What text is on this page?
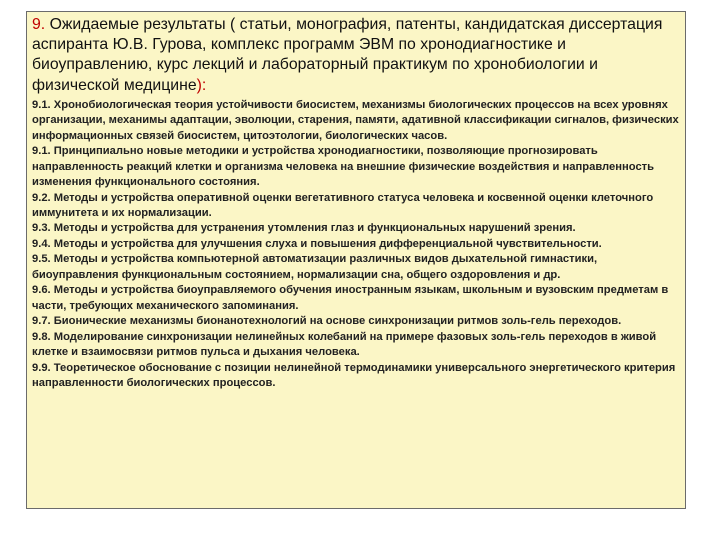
9. Ожидаемые результаты ( статьи, монография, патенты, кандидатская диссертация аспиранта Ю.В. Гурова, комплекс программ ЭВМ по хронодиагностике и биоуправлению, курс лекций и лабораторный практикум по хронобиологии и физической медицине):

9.1. Хронобиологическая теория устойчивости биосистем, механизмы биологических процессов на всех уровнях организации, механимы адаптации, эволюции, старения, памяти, адативной классификации сигналов, физических информационных связей биосистем, цитоэтологии, биологических часов.

9.1. Принципиально новые методики и устройства хронодиагностики, позволяющие прогнозировать направленность реакций клетки и организма человека на внешние физические воздействия и направленность изменения функционального состояния.

9.2. Методы и устройства оперативной оценки вегетативного статуса человека и косвенной оценки клеточного иммунитета и их нормализации.

9.3. Методы и устройства для устранения утомления глаз и функциональных нарушений зрения.

9.4. Методы и устройства для улучшения слуха и повышения дифференциальной чувствительности.

9.5. Методы и устройства компьютерной автоматизации различных видов дыхательной гимнастики, биоуправления функциональным состоянием, нормализации сна, общего оздоровления и др.

9.6. Методы и устройства биоуправляемого обучения иностранным языкам, школьным и вузовским предметам в части, требующих механического запоминания.

9.7. Бионические механизмы бионанотехнологий на основе синхронизации ритмов золь-гель переходов.

9.8. Моделирование синхронизации нелинейных колебаний на примере фазовых золь-гель переходов в живой клетке и взаимосвязи ритмов пульса и дыхания человека.

9.9. Теоретическое обоснование с позиции нелинейной термодинамики универсального энергетического критерия направленности биологических процессов.
